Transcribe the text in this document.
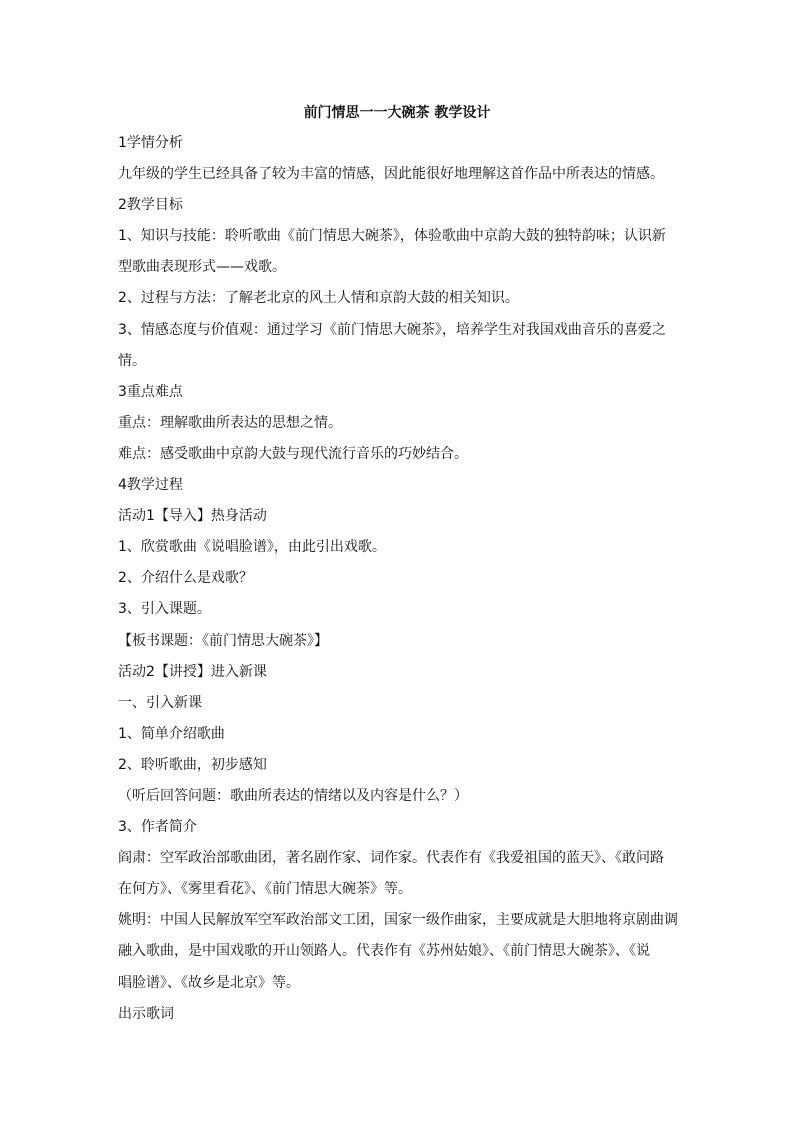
前门情思一一大碗茶 教学设计
1学情分析
九年级的学生已经具备了较为丰富的情感，因此能很好地理解这首作品中所表达的情感。
2教学目标
1、知识与技能：聆听歌曲《前门情思大碗茶》，体验歌曲中京韵大鼓的独特韵味；认识新
型歌曲表现形式——戏歌。
2、过程与方法：了解老北京的风土人情和京韵大鼓的相关知识。
3、情感态度与价值观：通过学习《前门情思大碗茶》，培养学生对我国戏曲音乐的喜爱之
情。
3重点难点
重点：理解歌曲所表达的思想之情。
难点：感受歌曲中京韵大鼓与现代流行音乐的巧妙结合。
4教学过程
活动1【导入】热身活动
1、欣赏歌曲《说唱脸谱》，由此引出戏歌。
2、介绍什么是戏歌？
3、引入课题。
【板书课题：《前门情思大碗茶》】
活动2【讲授】进入新课
一、引入新课
1、简单介绍歌曲
2、聆听歌曲，初步感知
（听后回答问题：歌曲所表达的情绪以及内容是什么？）
3、作者简介
阎肃：空军政治部歌曲团，著名剧作家、词作家。代表作有《我爱祖国的蓝天》、《敢问路
在何方》、《雾里看花》、《前门情思大碗茶》等。
姚明：中国人民解放军空军政治部文工团，国家一级作曲家，主要成就是大胆地将京剧曲调
融入歌曲，是中国戏歌的开山领路人。代表作有《苏州姑娘》、《前门情思大碗茶》、《说
唱脸谱》、《故乡是北京》等。
出示歌词
